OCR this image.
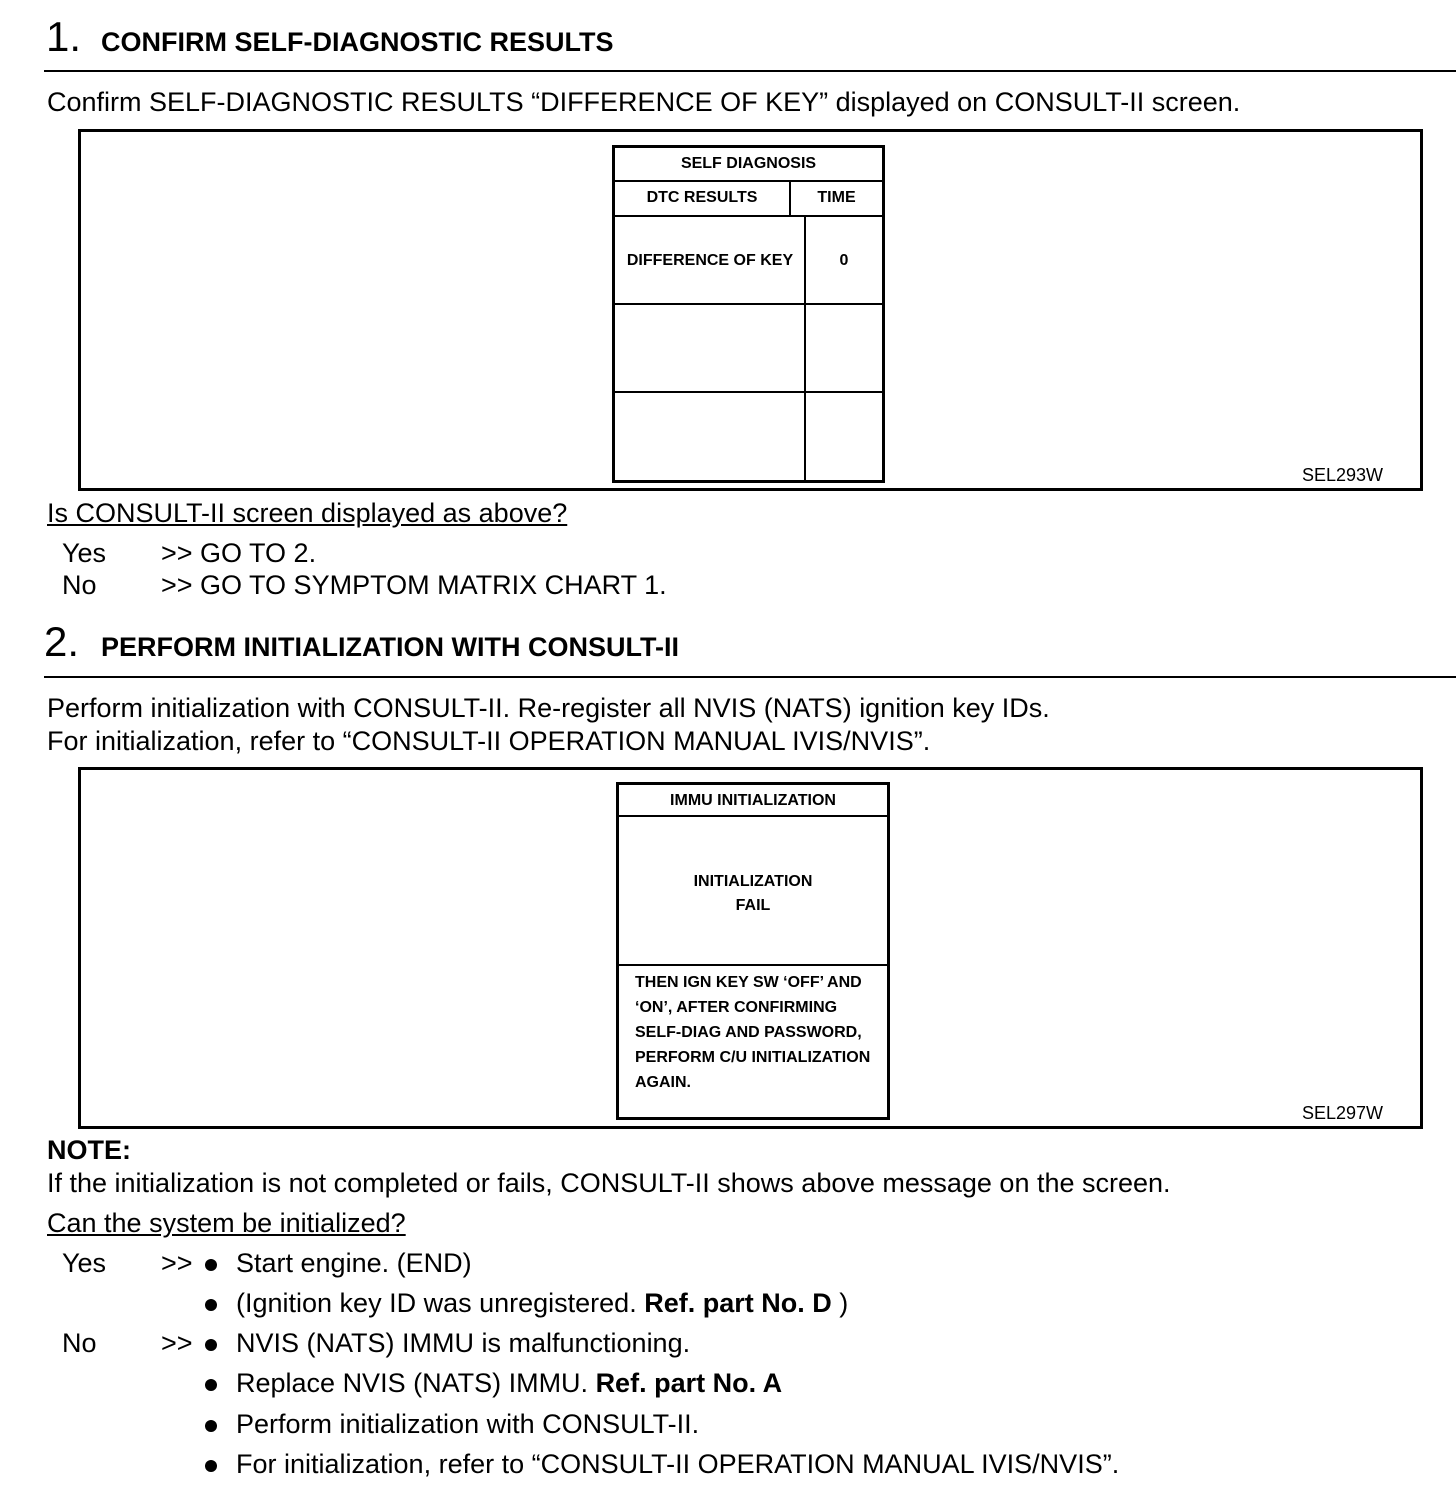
1. CONFIRM SELF-DIAGNOSTIC RESULTS
Confirm SELF-DIAGNOSTIC RESULTS “DIFFERENCE OF KEY” displayed on CONSULT-II screen.
SELF DIAGNOSIS
DTC RESULTS	TIME
DIFFERENCE OF KEY	0
SEL293W
Is CONSULT-II screen displayed as above?
Yes >> GO TO 2.
No >> GO TO SYMPTOM MATRIX CHART 1.
2. PERFORM INITIALIZATION WITH CONSULT-II
Perform initialization with CONSULT-II. Re-register all NVIS (NATS) ignition key IDs.
For initialization, refer to “CONSULT-II OPERATION MANUAL IVIS/NVIS”.
IMMU INITIALIZATION
INITIALIZATION
FAIL
THEN IGN KEY SW ‘OFF’ AND
‘ON’, AFTER CONFIRMING
SELF-DIAG AND PASSWORD,
PERFORM C/U INITIALIZATION
AGAIN.
SEL297W
NOTE:
If the initialization is not completed or fails, CONSULT-II shows above message on the screen.
Can the system be initialized?
Yes >> Start engine. (END)
(Ignition key ID was unregistered. Ref. part No. D )
No >> NVIS (NATS) IMMU is malfunctioning.
Replace NVIS (NATS) IMMU. Ref. part No. A
Perform initialization with CONSULT-II.
For initialization, refer to “CONSULT-II OPERATION MANUAL IVIS/NVIS”.
